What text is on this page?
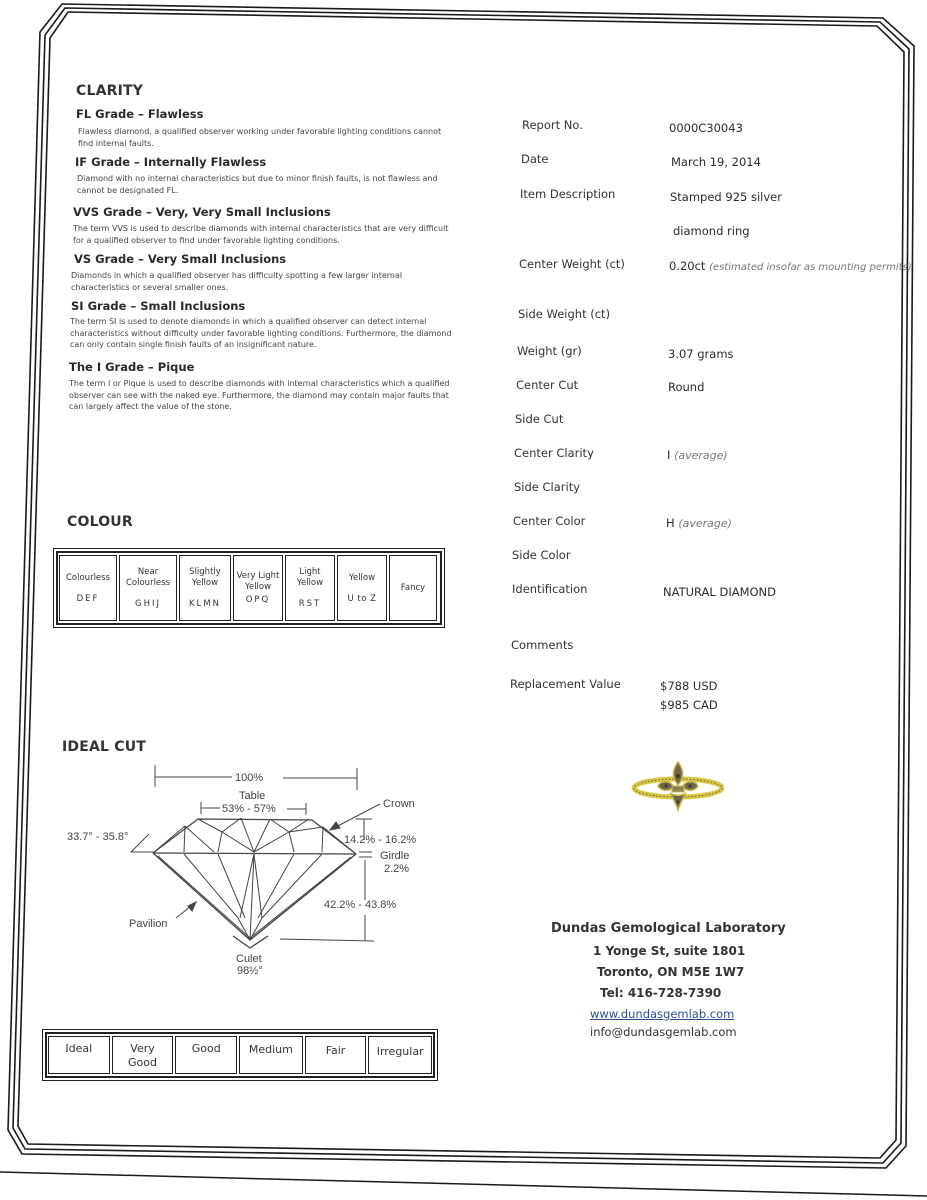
CLARITY
FL Grade – Flawless
Flawless diamond, a qualified observer working under favorable lighting conditions cannot find internal faults.
IF Grade – Internally Flawless
Diamond with no internal characteristics but due to minor finish faults, is not flawless and cannot be designated FL.
VVS Grade – Very, Very Small Inclusions
The term VVS is used to describe diamonds with internal characteristics that are very difficult for a qualified observer to find under favorable lighting conditions.
VS Grade – Very Small Inclusions
Diamonds in which a qualified observer has difficulty spotting a few larger internal characteristics or several smaller ones.
SI Grade – Small Inclusions
The term SI is used to denote diamonds in which a qualified observer can detect internal characteristics without difficulty under favorable lighting conditions. Furthermore, the diamond can only contain single finish faults of an insignificant nature.
The I Grade – Pique
The term I or Pique is used to describe diamonds with internal characteristics which a qualified observer can see with the naked eye. Furthermore, the diamond may contain major faults that can largely affect the value of the stone.
COLOUR
Colourless
DEF
Near Colourless
GHIJ
Slightly Yellow
KLMN
Very Light Yellow
OPQ
Light Yellow
RST
Yellow
U to Z
Fancy
IDEAL CUT
100%
Table
53% - 57%	Crown
33.7° - 35.8°	14.2% - 16.2%
Girdle
2.2%
42.2% - 43.8%
Pavilion
Culet
98½°
Ideal	Very Good
Good	Medium	Fair	Irregular
Report No.	0000C30043
Date	March 19, 2014
Item Description	Stamped 925 silver
diamond ring
Center Weight (ct)	0.20ct (estimated insofar as mounting permits)
Side Weight (ct)
Weight (gr)	3.07 grams
Center Cut	Round
Side Cut
Center Clarity	I (average)
Side Clarity
Center Color	H (average)
Side Color
Identification	NATURAL DIAMOND
Comments
Replacement Value	$788 USD
$985 CAD
Dundas Gemological Laboratory
1 Yonge St, suite 1801
Toronto, ON M5E 1W7
Tel: 416-728-7390
www.dundasgemlab.com
info@dundasgemlab.com
